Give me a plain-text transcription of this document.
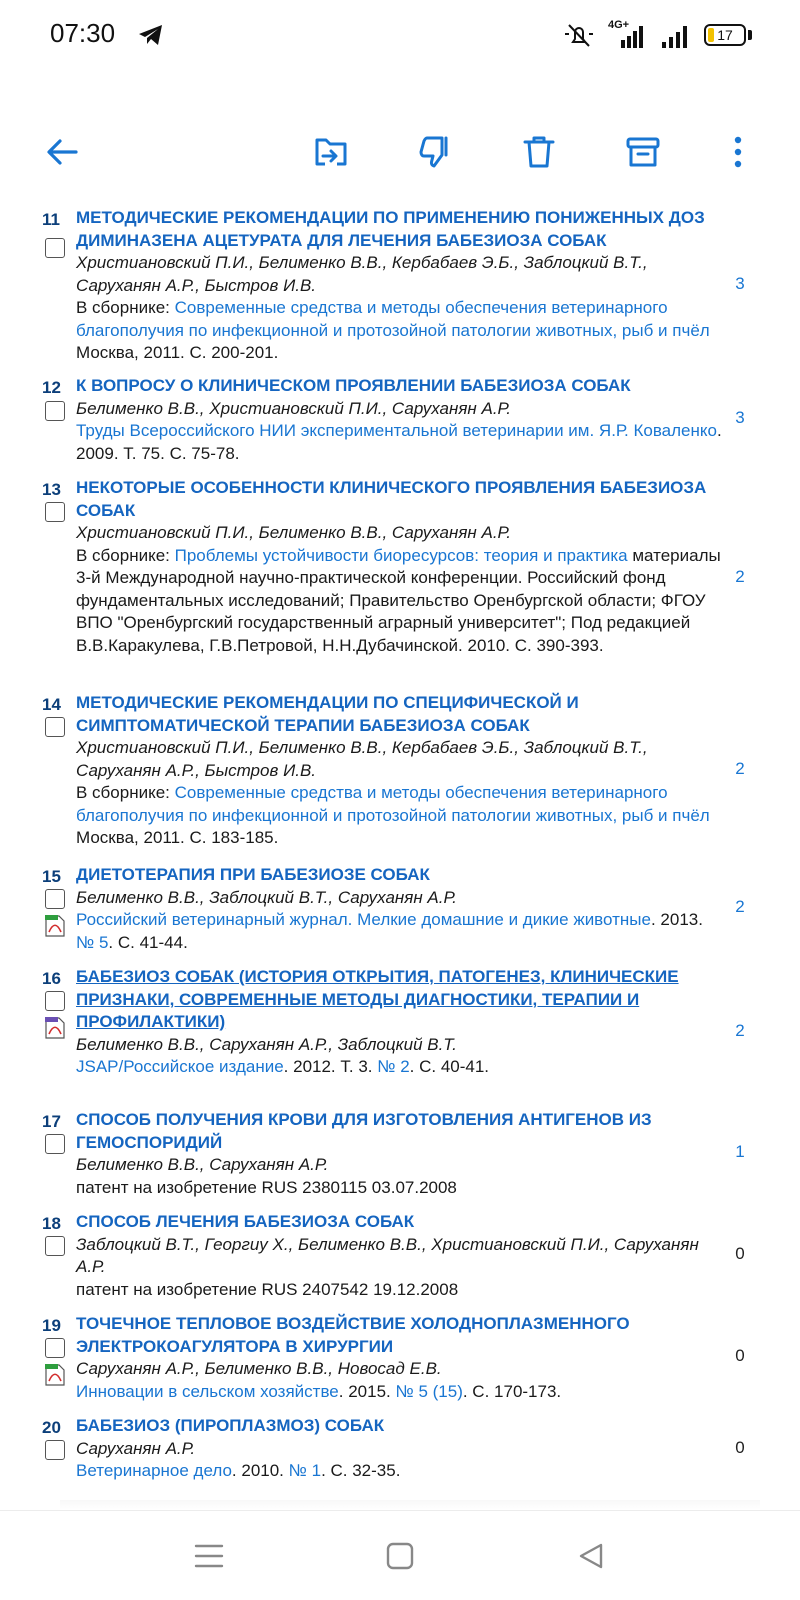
07:30	4G+
17
11 МЕТОДИЧЕСКИЕ РЕКОМЕНДАЦИИ ПО ПРИМЕНЕНИЮ ПОНИЖЕННЫХ ДОЗ ДИМИНАЗЕНА АЦЕТУРАТА ДЛЯ ЛЕЧЕНИЯ БАБЕЗИОЗА СОБАК
Христиановский П.И., Белименко В.В., Кербабаев Э.Б., Заблоцкий В.Т., Саруханян А.Р., Быстров И.В.
В сборнике: Современные средства и методы обеспечения ветеринарного благополучия по инфекционной и протозойной патологии животных, рыб и пчёл Москва, 2011. С. 200-201.
3
12 К ВОПРОСУ О КЛИНИЧЕСКОМ ПРОЯВЛЕНИИ БАБЕЗИОЗА СОБАК
Белименко В.В., Христиановский П.И., Саруханян А.Р.
Труды Всероссийского НИИ экспериментальной ветеринарии им. Я.Р. Коваленко. 2009. Т. 75. С. 75-78.
3
13 НЕКОТОРЫЕ ОСОБЕННОСТИ КЛИНИЧЕСКОГО ПРОЯВЛЕНИЯ БАБЕЗИОЗА СОБАК
Христиановский П.И., Белименко В.В., Саруханян А.Р.
В сборнике: Проблемы устойчивости биоресурсов: теория и практика материалы 3-й Международной научно-практической конференции. Российский фонд фундаментальных исследований; Правительство Оренбургской области; ФГОУ ВПО "Оренбургский государственный аграрный университет"; Под редакцией В.В.Каракулева, Г.В.Петровой, Н.Н.Дубачинской. 2010. С. 390-393.
2
14 МЕТОДИЧЕСКИЕ РЕКОМЕНДАЦИИ ПО СПЕЦИФИЧЕСКОЙ И СИМПТОМАТИЧЕСКОЙ ТЕРАПИИ БАБЕЗИОЗА СОБАК
Христиановский П.И., Белименко В.В., Кербабаев Э.Б., Заблоцкий В.Т., Саруханян А.Р., Быстров И.В.
В сборнике: Современные средства и методы обеспечения ветеринарного благополучия по инфекционной и протозойной патологии животных, рыб и пчёл Москва, 2011. С. 183-185.
2
15 ДИЕТОТЕРАПИЯ ПРИ БАБЕЗИОЗЕ СОБАК
Белименко В.В., Заблоцкий В.Т., Саруханян А.Р.
Российский ветеринарный журнал. Мелкие домашние и дикие животные. 2013. № 5. С. 41-44.
2
16 БАБЕЗИОЗ СОБАК (ИСТОРИЯ ОТКРЫТИЯ, ПАТОГЕНЕЗ, КЛИНИЧЕСКИЕ ПРИЗНАКИ, СОВРЕМЕННЫЕ МЕТОДЫ ДИАГНОСТИКИ, ТЕРАПИИ И ПРОФИЛАКТИКИ)
Белименко В.В., Саруханян А.Р., Заблоцкий В.Т.
JSAP/Российское издание. 2012. Т. 3. № 2. С. 40-41.
2
17 СПОСОБ ПОЛУЧЕНИЯ КРОВИ ДЛЯ ИЗГОТОВЛЕНИЯ АНТИГЕНОВ ИЗ ГЕМОСПОРИДИЙ
Белименко В.В., Саруханян А.Р.
патент на изобретение RUS 2380115 03.07.2008
1
18 СПОСОБ ЛЕЧЕНИЯ БАБЕЗИОЗА СОБАК
Заблоцкий В.Т., Георгиу Х., Белименко В.В., Христиановский П.И., Саруханян А.Р.
патент на изобретение RUS 2407542 19.12.2008
0
19 ТОЧЕЧНОЕ ТЕПЛОВОЕ ВОЗДЕЙСТВИЕ ХОЛОДНОПЛАЗМЕННОГО ЭЛЕКТРОКОАГУЛЯТОРА В ХИРУРГИИ
Саруханян А.Р., Белименко В.В., Новосад Е.В.
Инновации в сельском хозяйстве. 2015. № 5 (15). С. 170-173.
0
20 БАБЕЗИОЗ (ПИРОПЛАЗМОЗ) СОБАК
Саруханян А.Р.
Ветеринарное дело. 2010. № 1. С. 32-35.
0
